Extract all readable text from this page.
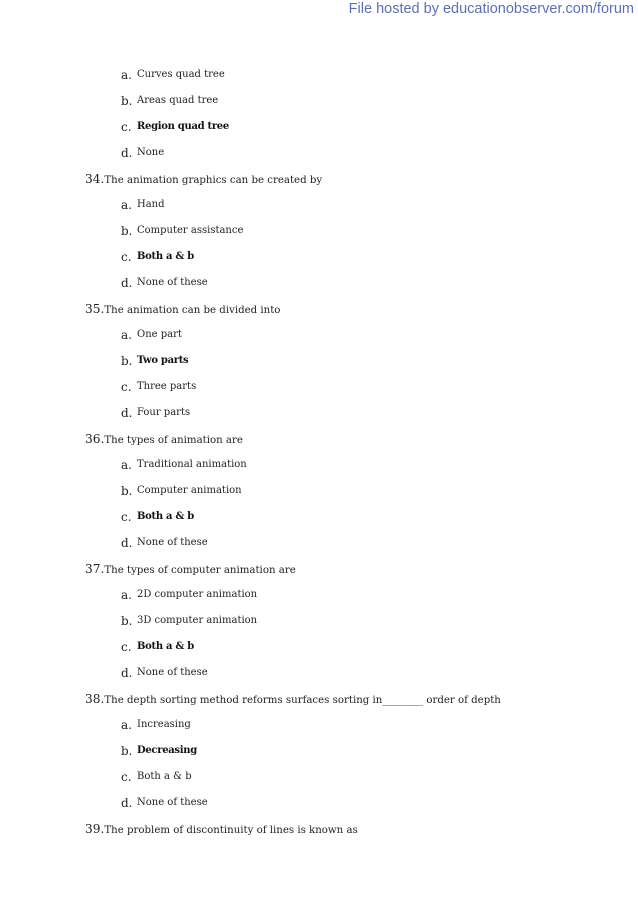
File hosted by educationobserver.com/forum
a. Curves quad tree
b. Areas quad tree
c. Region quad tree
d. None
34.The animation graphics can be created by
a. Hand
b. Computer assistance
c. Both a & b
d. None of these
35.The animation can be divided into
a. One part
b. Two parts
c. Three parts
d. Four parts
36.The types of animation are
a. Traditional animation
b. Computer animation
c. Both a & b
d. None of these
37.The types of computer animation are
a. 2D computer animation
b. 3D computer animation
c. Both a & b
d. None of these
38.The depth sorting method reforms surfaces sorting in________ order of depth
a. Increasing
b. Decreasing
c. Both a & b
d. None of these
39.The problem of discontinuity of lines is known as
